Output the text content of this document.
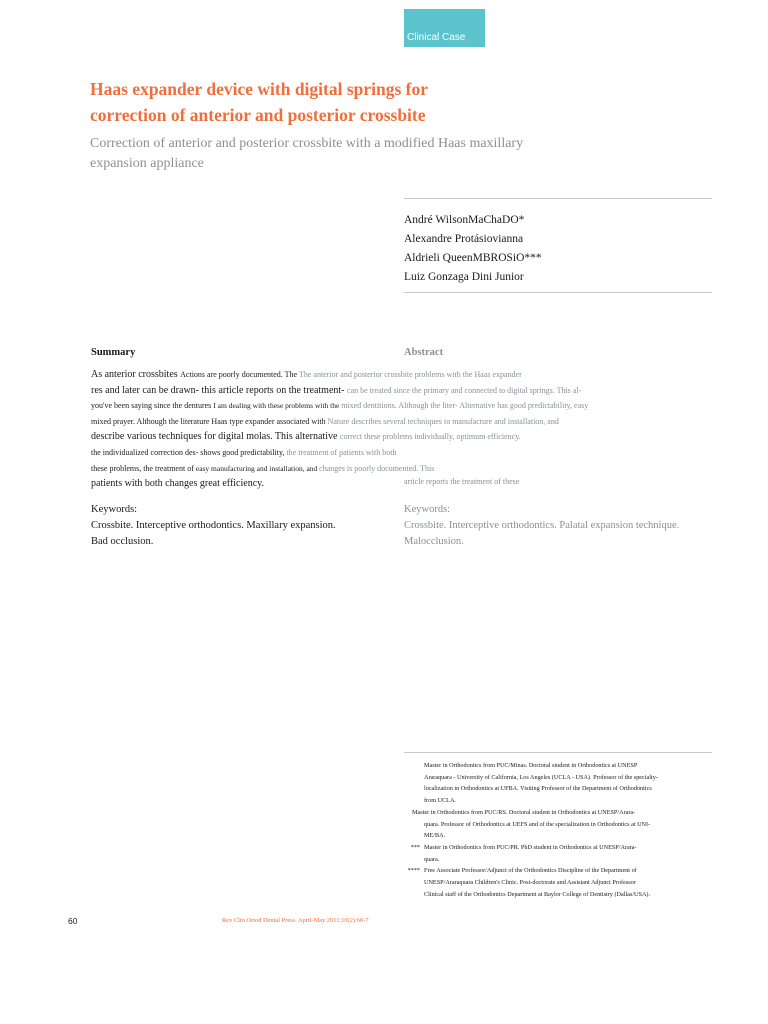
Clinical Case
Haas expander device with digital springs for
correction of anterior and posterior crossbite
Correction of anterior and posterior crossbite with a modified Haas maxillary
expansion appliance
André WilsonMaChaDO*
Alexandre Protásiovianna
Aldrieli QueenMBROSiO***
Luiz Gonzaga Dini Junior
Summary	Abstract
As anterior crossbites Actions are poorly documented. The The anterior and posterior crossbite problems with the Haas expander
res and later can be drawn- this article reports on the treatment- can be treated since the primary and connected to digital springs. This al-
you've been saying since the dentures I am dealing with these problems with the mixed dentitions. Although the liter- Alternative has good predictability, easy
mixed prayer. Although the literature Haas type expander associated with Nature describes several techniques to manufacture and installation, and
describe various techniques for digital molas. This alternative correct these problems individually, optimum efficiency.
the individualized correction des- shows good predictability, the treatment of patients with both
these problems, the treatment of easy manufacturing and installation, and changes is poorly documented. This
patients with both changes great efficiency.	article reports the treatment of these
Keywords:
Crossbite. Interceptive orthodontics. Maxillary expansion.
Bad occlusion.
Keywords:
Crossbite. Interceptive orthodontics. Palatal expansion technique.
Malocclusion.
Master in Orthodontics from PUC/Minas. Doctoral student in Orthodontics at UNESP
Araraquara - University of California, Los Angeles (UCLA - USA). Professor of the specialty-
localization in Orthodontics at UFBA. Visiting Professor of the Department of Orthodontics
from UCLA.
Master in Orthodontics from PUC/RS. Doctoral student in Orthodontics at UNESP/Arara-
quara. Professor of Orthodontics at UEFS and of the specialization in Orthodontics at UNI-
ME/BA.
*** Master in Orthodontics from PUC/PR. PhD student in Orthodontics at UNESP/Arara-
quara.
**** Free Associate Professor/Adjunct of the Orthodontics Discipline of the Department of
UNESP/Araraquara Children's Clinic. Post-doctorate and Assistant Adjunct Professor
Clinical staff of the Orthodontics Department at Baylor College of Dentistry (Dallas/USA).
60	Rev Clin Ortod Dental Press. April-May 2011;10(2):60-7
